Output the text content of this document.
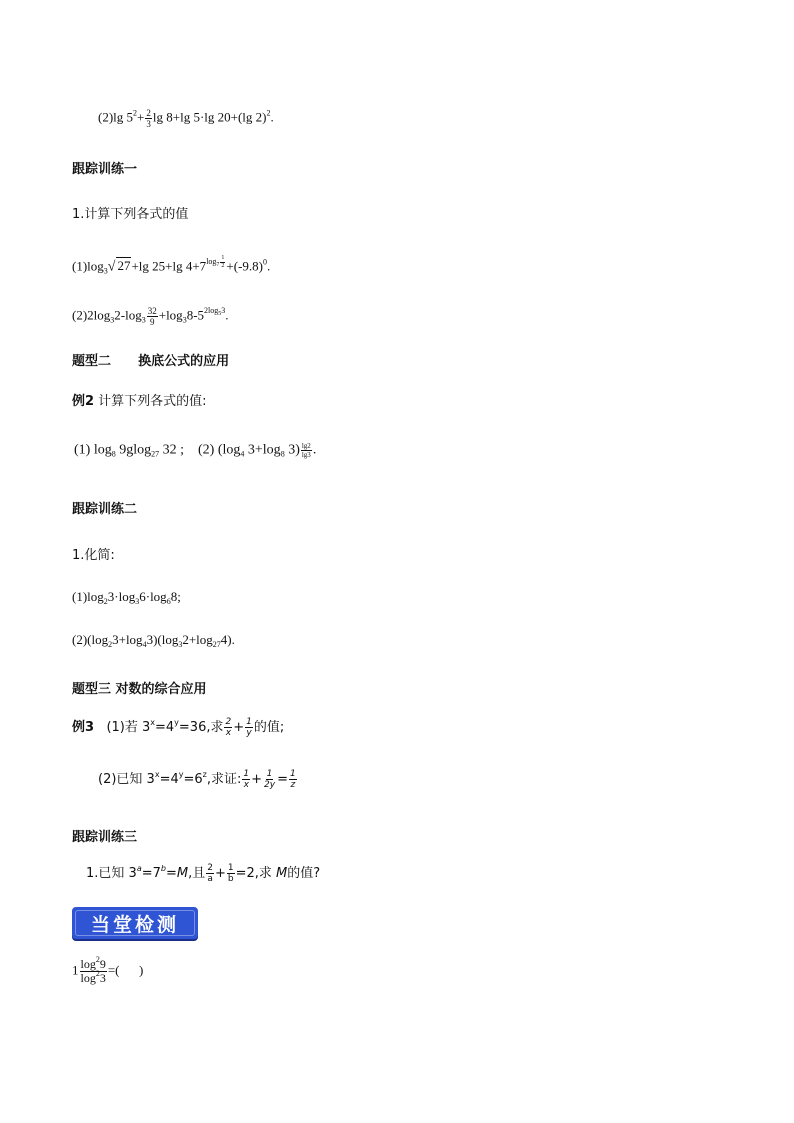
(2)lg $5^2+ \frac{2}{3}$ lg 8+lg 5·lg 20+(lg 2)$^2$.
跟踪训练一
1.计算下列各式的值
$(1)\log_3√$ 27+lg 25+lg $4+7^{log_7 \frac{1}{2}} +(-9.8)^0$.
$(2)2\log_32-\log_3 \frac{32}{9} +\log_38-5^{2log_53}$.
题型二      换底公式的应用
例2 计算下列各式的值:
(1) $\log_8 9glog_{27}$ 32 ; (2) ($\log_4$ $3+\log_8$ $3) \frac{\lg 2}{\lg 3}$ .
跟踪训练二
1.化简:
$(1)\log_23\cdot\log_36\cdot\log_68$;
$(2)(\log_23+\log_43)(\log_32+\log_{27}4)$.
题型三 对数的综合应用
例3   (1)若 $3^x=4^y=36$,求 $\frac{2}{x} + \frac{1}{y}$ 的值;
(2)已知 $3^x=4^y=6^z$,求证: $\frac{1}{x} + \frac{1}{2y} = \frac{1}{z}$
跟踪训练三
1.已知 $3^a=7^b=M$,且 $\frac{2}{a} + \frac{1}{b} =2$,求 M的值?
当堂检测
$1 \frac{\log^29}{\log^23}$ =(      )
